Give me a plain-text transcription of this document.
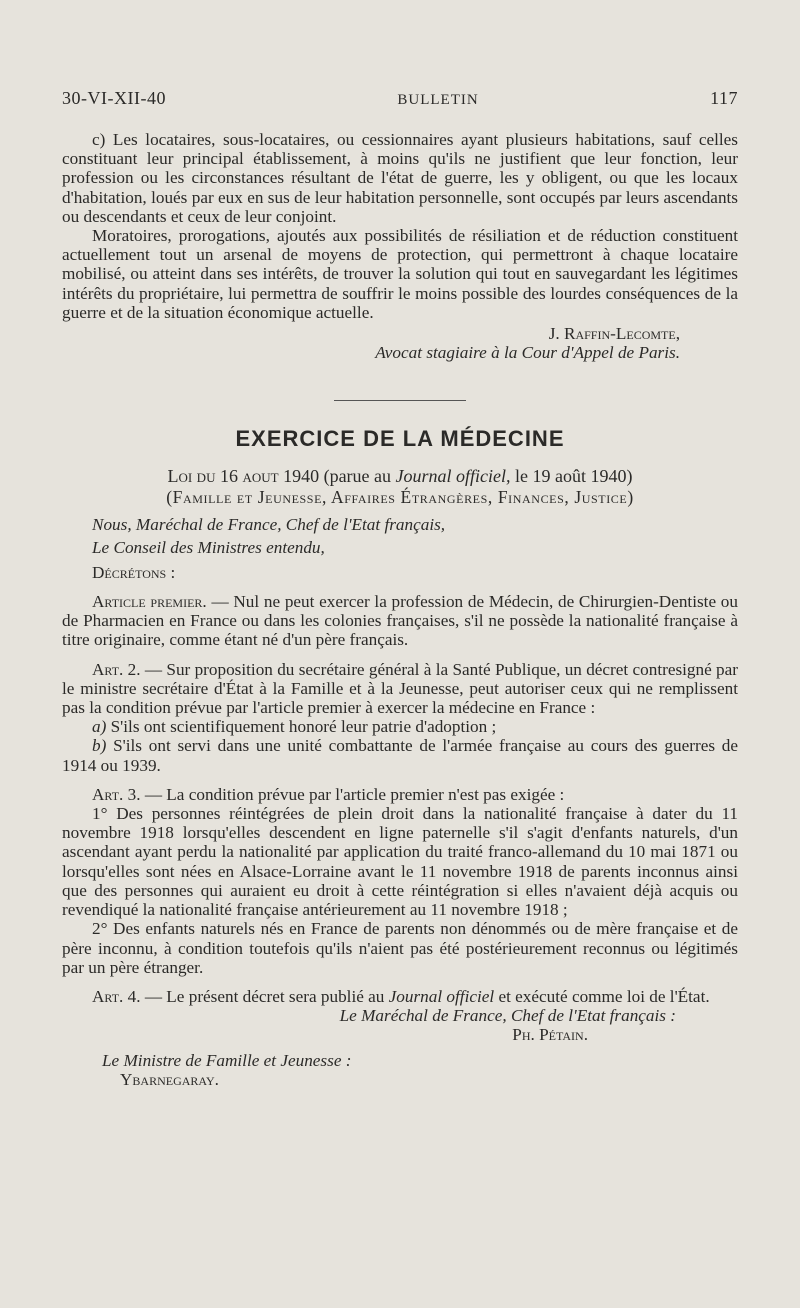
30-VI-XII-40	BULLETIN	117

c) Les locataires, sous-locataires, ou cessionnaires ayant plusieurs habitations, sauf celles constituant leur principal établissement, à moins qu'ils ne justifient que leur fonction, leur profession ou les circonstances résultant de l'état de guerre, les y obligent, ou que les locaux d'habitation, loués par eux en sus de leur habitation personnelle, sont occupés par leurs ascendants ou descendants et ceux de leur conjoint.

Moratoires, prorogations, ajoutés aux possibilités de résiliation et de réduction constituent actuellement tout un arsenal de moyens de protection, qui permettront à chaque locataire mobilisé, ou atteint dans ses intérêts, de trouver la solution qui tout en sauvegardant les légitimes intérêts du propriétaire, lui permettra de souffrir le moins possible des lourdes conséquences de la guerre et de la situation économique actuelle.

J. Raffin-Lecomte,

Avocat stagiaire à la Cour d'Appel de Paris.

EXERCICE DE LA MÉDECINE

Loi du 16 aout 1940 (parue au Journal officiel, le 19 août 1940)

(Famille et Jeunesse, Affaires Étrangères, Finances, Justice)

Nous, Maréchal de France, Chef de l'Etat français,

Le Conseil des Ministres entendu,

Décrétons :

Article premier. — Nul ne peut exercer la profession de Médecin, de Chirurgien-Dentiste ou de Pharmacien en France ou dans les colonies françaises, s'il ne possède la nationalité française à titre originaire, comme étant né d'un père français.

Art. 2. — Sur proposition du secrétaire général à la Santé Publique, un décret contresigné par le ministre secrétaire d'État à la Famille et à la Jeunesse, peut autoriser ceux qui ne remplissent pas la condition prévue par l'article premier à exercer la médecine en France :

a) S'ils ont scientifiquement honoré leur patrie d'adoption ;

b) S'ils ont servi dans une unité combattante de l'armée française au cours des guerres de 1914 ou 1939.

Art. 3. — La condition prévue par l'article premier n'est pas exigée :

1° Des personnes réintégrées de plein droit dans la nationalité française à dater du 11 novembre 1918 lorsqu'elles descendent en ligne paternelle s'il s'agit d'enfants naturels, d'un ascendant ayant perdu la nationalité par application du traité franco-allemand du 10 mai 1871 ou lorsqu'elles sont nées en Alsace-Lorraine avant le 11 novembre 1918 de parents inconnus ainsi que des personnes qui auraient eu droit à cette réintégration si elles n'avaient déjà acquis ou revendiqué la nationalité française antérieurement au 11 novembre 1918 ;

2° Des enfants naturels nés en France de parents non dénommés ou de mère française et de père inconnu, à condition toutefois qu'ils n'aient pas été postérieurement reconnus ou légitimés par un père étranger.

Art. 4. — Le présent décret sera publié au Journal officiel et exécuté comme loi de l'État.

Le Maréchal de France, Chef de l'Etat français :

Ph. Pétain.

Le Ministre de Famille et Jeunesse :

Ybarnegaray.
